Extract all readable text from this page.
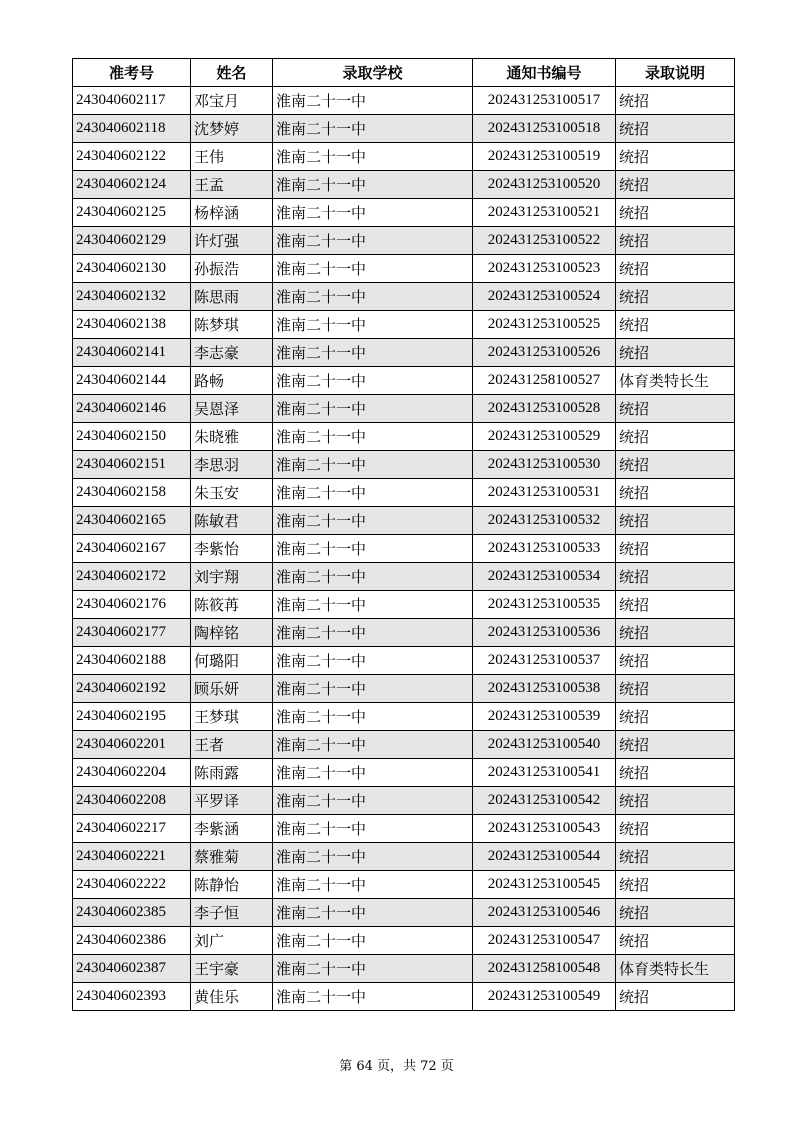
准考号	姓名	录取学校	通知书编号	录取说明
243040602117	邓宝月	淮南二十一中	202431253100517	统招
243040602118	沈梦婷	淮南二十一中	202431253100518	统招
243040602122	王伟	淮南二十一中	202431253100519	统招
243040602124	王孟	淮南二十一中	202431253100520	统招
243040602125	杨梓涵	淮南二十一中	202431253100521	统招
243040602129	许灯强	淮南二十一中	202431253100522	统招
243040602130	孙振浩	淮南二十一中	202431253100523	统招
243040602132	陈思雨	淮南二十一中	202431253100524	统招
243040602138	陈梦琪	淮南二十一中	202431253100525	统招
243040602141	李志豪	淮南二十一中	202431253100526	统招
243040602144	路畅	淮南二十一中	202431258100527	体育类特长生
243040602146	吴恩泽	淮南二十一中	202431253100528	统招
243040602150	朱晓雅	淮南二十一中	202431253100529	统招
243040602151	李思羽	淮南二十一中	202431253100530	统招
243040602158	朱玉安	淮南二十一中	202431253100531	统招
243040602165	陈敏君	淮南二十一中	202431253100532	统招
243040602167	李紫怡	淮南二十一中	202431253100533	统招
243040602172	刘宇翔	淮南二十一中	202431253100534	统招
243040602176	陈筱苒	淮南二十一中	202431253100535	统招
243040602177	陶梓铭	淮南二十一中	202431253100536	统招
243040602188	何璐阳	淮南二十一中	202431253100537	统招
243040602192	顾乐妍	淮南二十一中	202431253100538	统招
243040602195	王梦琪	淮南二十一中	202431253100539	统招
243040602201	王者	淮南二十一中	202431253100540	统招
243040602204	陈雨露	淮南二十一中	202431253100541	统招
243040602208	平罗译	淮南二十一中	202431253100542	统招
243040602217	李紫涵	淮南二十一中	202431253100543	统招
243040602221	蔡雅菊	淮南二十一中	202431253100544	统招
243040602222	陈静怡	淮南二十一中	202431253100545	统招
243040602385	李子恒	淮南二十一中	202431253100546	统招
243040602386	刘广	淮南二十一中	202431253100547	统招
243040602387	王宇豪	淮南二十一中	202431258100548	体育类特长生
243040602393	黄佳乐	淮南二十一中	202431253100549	统招
第 64 页，共 72 页
